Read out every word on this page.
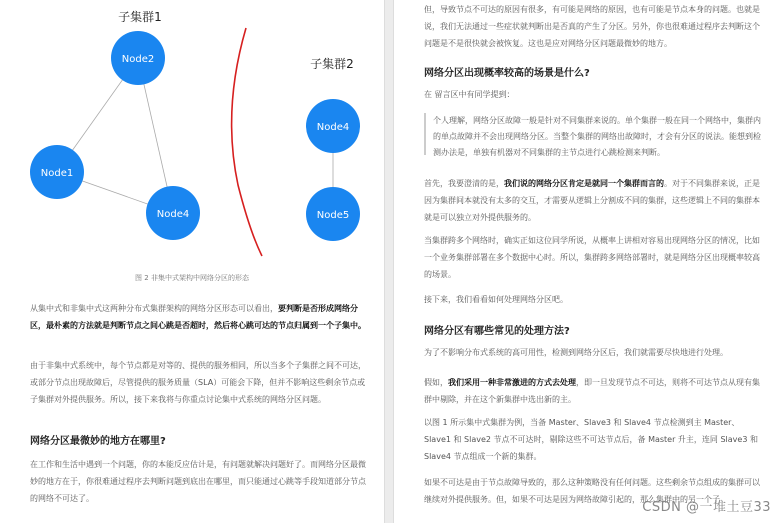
子集群1
子集群2
Node2
Node1
Node4
Node4
Node5
图 2 非集中式架构中网络分区的形态

从集中式和非集中式这两种分布式集群架构的网络分区形态可以看出，要判断是否形成网络分区，最朴素的方法就是判断节点之间心跳是否超时，然后将心跳可达的节点归属到一个子集中。

由于非集中式系统中，每个节点都是对等的、提供的服务相同，所以当多个子集群之间不可达，或部分节点出现故障后，尽管提供的服务质量（SLA）可能会下降，但并不影响这些剩余节点或子集群对外提供服务。所以，接下来我将与你重点讨论集中式系统的网络分区问题。

网络分区最微妙的地方在哪里?

在工作和生活中遇到一个问题，你的本能反应估计是，有问题就解决问题好了。而网络分区最微妙的地方在于，你很难通过程序去判断问题到底出在哪里，而只能通过心跳等手段知道部分节点的网络不可达了。

但，导致节点不可达的原因有很多，有可能是网络的原因，也有可能是节点本身的问题。也就是说，我们无法通过一些症状就判断出是否真的产生了分区。另外，你也很难通过程序去判断这个问题是不是很快就会被恢复。这也是应对网络分区问题最微妙的地方。

网络分区出现概率较高的场景是什么?

在 留言区中有同学提到：

个人理解，网络分区故障一般是针对不同集群来说的。单个集群一般在同一个网络中，集群内的单点故障并不会出现网络分区。当整个集群的网络出故障时，才会有分区的说法。能想到检测办法是，单独有机器对不同集群的主节点进行心跳检测来判断。

首先，我要澄清的是，我们说的网络分区肯定是就同一个集群而言的。对于不同集群来说，正是因为集群间本就没有太多的交互，才需要从逻辑上分割成不同的集群，这些逻辑上不同的集群本就是可以独立对外提供服务的。

当集群跨多个网络时，确实正如这位同学所说，从概率上讲相对容易出现网络分区的情况，比如一个业务集群部署在多个数据中心时。所以，集群跨多网络部署时，就是网络分区出现概率较高的场景。

接下来，我们看看如何处理网络分区吧。

网络分区有哪些常见的处理方法?

为了不影响分布式系统的高可用性，检测到网络分区后，我们就需要尽快地进行处理。

假如，我们采用一种非常激进的方式去处理，即一旦发现节点不可达，则将不可达节点从现有集群中剔除，并在这个新集群中选出新的主。

以图 1 所示集中式集群为例，当备 Master、Slave3 和 Slave4 节点检测到主 Master、Slave1 和 Slave2 节点不可达时，剔除这些不可达节点后，备 Master 升主，连同 Slave3 和 Slave4 节点组成一个新的集群。

如果不可达是由于节点故障导致的，那么这种策略没有任何问题。这些剩余节点组成的集群可以继续对外提供服务。但，如果不可达是因为网络故障引起的，那么集群中的另一个子

CSDN @一堆土豆33
